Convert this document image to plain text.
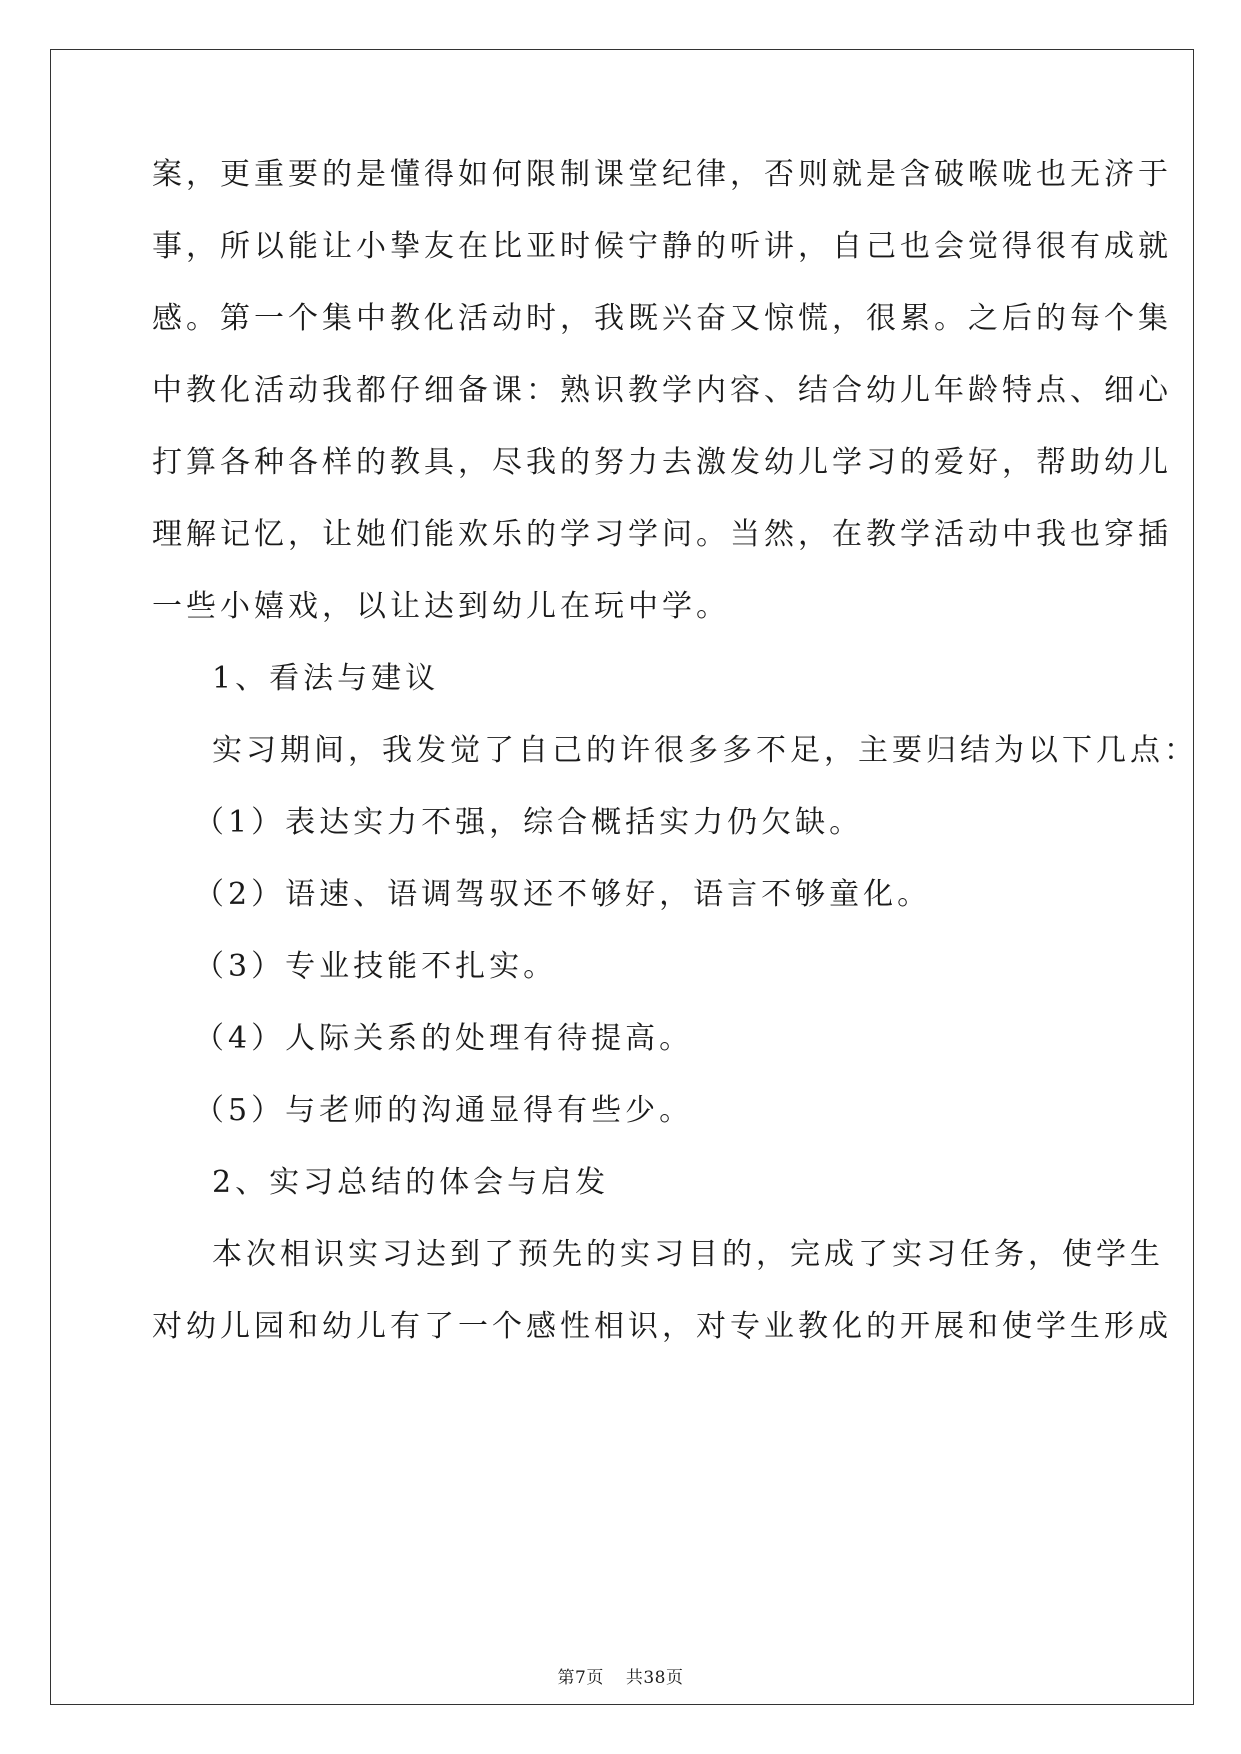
案，更重要的是懂得如何限制课堂纪律，否则就是含破喉咙也无济于
事，所以能让小挚友在比亚时候宁静的听讲，自己也会觉得很有成就
感。第一个集中教化活动时，我既兴奋又惊慌，很累。之后的每个集
中教化活动我都仔细备课：熟识教学内容、结合幼儿年龄特点、细心
打算各种各样的教具，尽我的努力去激发幼儿学习的爱好，帮助幼儿
理解记忆，让她们能欢乐的学习学问。当然，在教学活动中我也穿插
一些小嬉戏，以让达到幼儿在玩中学。
1、看法与建议
实习期间，我发觉了自己的许很多多不足，主要归结为以下几点：
（1）表达实力不强，综合概括实力仍欠缺。
（2）语速、语调驾驭还不够好，语言不够童化。
（3）专业技能不扎实。
（4）人际关系的处理有待提高。
（5）与老师的沟通显得有些少。
2、实习总结的体会与启发
本次相识实习达到了预先的实习目的，完成了实习任务，使学生
对幼儿园和幼儿有了一个感性相识，对专业教化的开展和使学生形成
第7页 共38页
